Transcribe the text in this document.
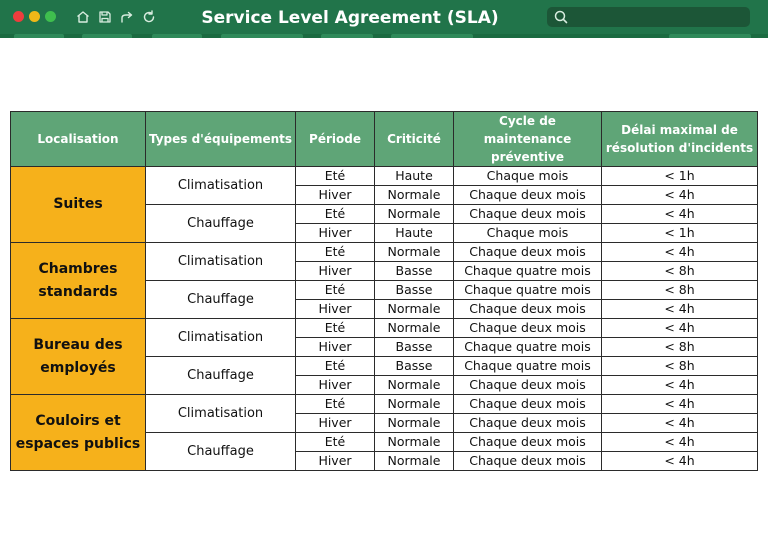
Service Level Agreement (SLA)
Localisation	Types d'équipements	Période	Criticité	Cycle de maintenance préventive	Délai maximal de résolution d'incidents
Suites	Climatisation	Eté	Haute	Chaque mois	< 1h
		Hiver	Normale	Chaque deux mois	< 4h
	Chauffage	Eté	Normale	Chaque deux mois	< 4h
		Hiver	Haute	Chaque mois	< 1h
Chambres standards	Climatisation	Eté	Normale	Chaque deux mois	< 4h
		Hiver	Basse	Chaque quatre mois	< 8h
	Chauffage	Eté	Basse	Chaque quatre mois	< 8h
		Hiver	Normale	Chaque deux mois	< 4h
Bureau des employés	Climatisation	Eté	Normale	Chaque deux mois	< 4h
		Hiver	Basse	Chaque quatre mois	< 8h
	Chauffage	Eté	Basse	Chaque quatre mois	< 8h
		Hiver	Normale	Chaque deux mois	< 4h
Couloirs et espaces publics	Climatisation	Eté	Normale	Chaque deux mois	< 4h
		Hiver	Normale	Chaque deux mois	< 4h
	Chauffage	Eté	Normale	Chaque deux mois	< 4h
		Hiver	Normale	Chaque deux mois	< 4h
